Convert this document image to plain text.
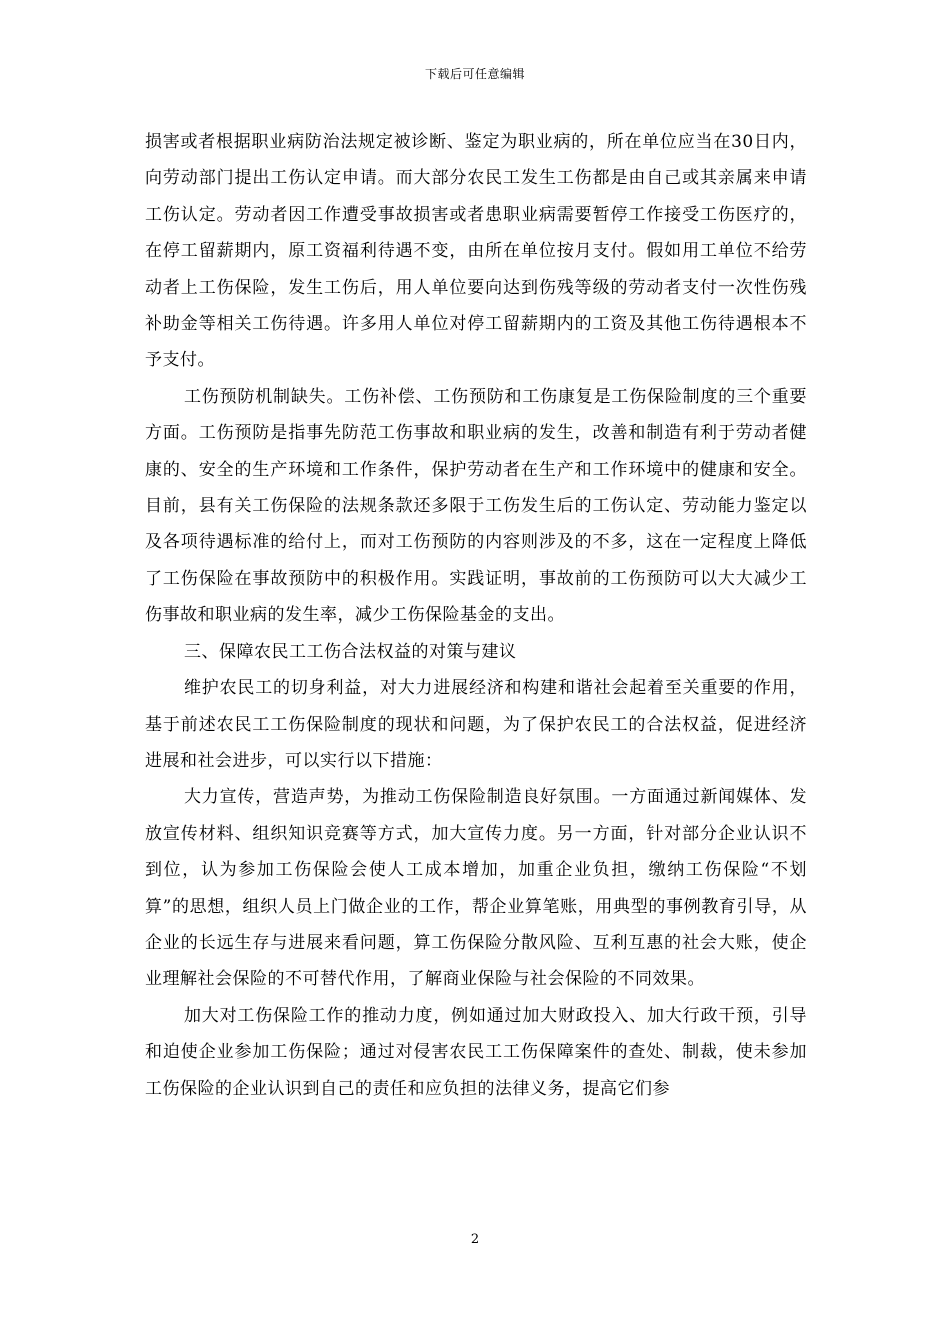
下载后可任意编辑

损害或者根据职业病防治法规定被诊断、鉴定为职业病的，所在单位应当在30日内，向劳动部门提出工伤认定申请。而大部分农民工发生工伤都是由自己或其亲属来申请工伤认定。劳动者因工作遭受事故损害或者患职业病需要暂停工作接受工伤医疗的，在停工留薪期内，原工资福利待遇不变，由所在单位按月支付。假如用工单位不给劳动者上工伤保险，发生工伤后，用人单位要向达到伤残等级的劳动者支付一次性伤残补助金等相关工伤待遇。许多用人单位对停工留薪期内的工资及其他工伤待遇根本不予支付。

工伤预防机制缺失。工伤补偿、工伤预防和工伤康复是工伤保险制度的三个重要方面。工伤预防是指事先防范工伤事故和职业病的发生，改善和制造有利于劳动者健康的、安全的生产环境和工作条件，保护劳动者在生产和工作环境中的健康和安全。目前，县有关工伤保险的法规条款还多限于工伤发生后的工伤认定、劳动能力鉴定以及各项待遇标准的给付上，而对工伤预防的内容则涉及的不多，这在一定程度上降低了工伤保险在事故预防中的积极作用。实践证明，事故前的工伤预防可以大大减少工伤事故和职业病的发生率，减少工伤保险基金的支出。

三、保障农民工工伤合法权益的对策与建议

维护农民工的切身利益，对大力进展经济和构建和谐社会起着至关重要的作用，基于前述农民工工伤保险制度的现状和问题，为了保护农民工的合法权益，促进经济进展和社会进步，可以实行以下措施：

大力宣传，营造声势，为推动工伤保险制造良好氛围。一方面通过新闻媒体、发放宣传材料、组织知识竞赛等方式，加大宣传力度。另一方面，针对部分企业认识不到位，认为参加工伤保险会使人工成本增加，加重企业负担，缴纳工伤保险“不划算”的思想，组织人员上门做企业的工作，帮企业算笔账，用典型的事例教育引导，从企业的长远生存与进展来看问题，算工伤保险分散风险、互利互惠的社会大账，使企业理解社会保险的不可替代作用，了解商业保险与社会保险的不同效果。

加大对工伤保险工作的推动力度，例如通过加大财政投入、加大行政干预，引导和迫使企业参加工伤保险；通过对侵害农民工工伤保障案件的查处、制裁，使未参加工伤保险的企业认识到自己的责任和应负担的法律义务，提高它们参

2
